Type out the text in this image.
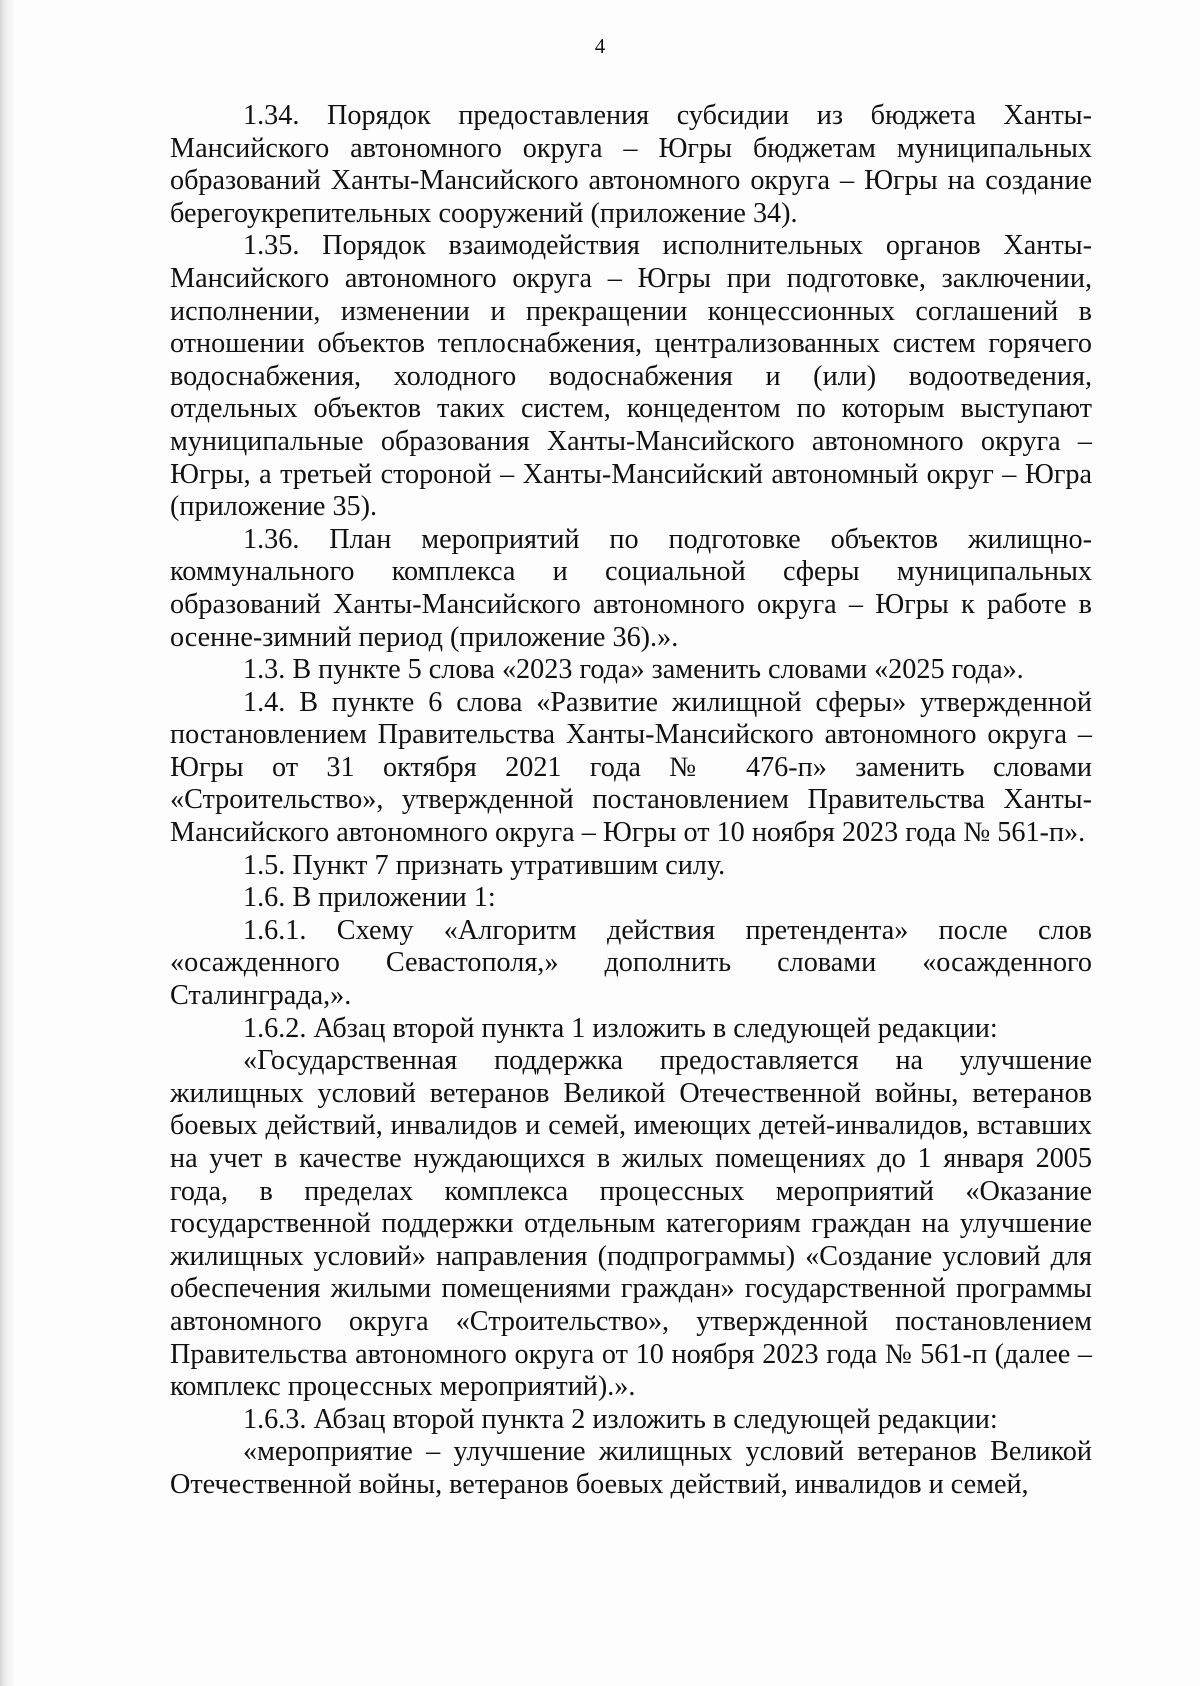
4

1.34. Порядок предоставления субсидии из бюджета Ханты-Мансийского автономного округа – Югры бюджетам муниципальных образований Ханты-Мансийского автономного округа – Югры на создание берегоукрепительных сооружений (приложение 34).

1.35. Порядок взаимодействия исполнительных органов Ханты-Мансийского автономного округа – Югры при подготовке, заключении, исполнении, изменении и прекращении концессионных соглашений в отношении объектов теплоснабжения, централизованных систем горячего водоснабжения, холодного водоснабжения и (или) водоотведения, отдельных объектов таких систем, концедентом по которым выступают муниципальные образования Ханты-Мансийского автономного округа – Югры, а третьей стороной – Ханты-Мансийский автономный округ – Югра (приложение 35).

1.36. План мероприятий по подготовке объектов жилищно-коммунального комплекса и социальной сферы муниципальных образований Ханты-Мансийского автономного округа – Югры к работе в осенне-зимний период (приложение 36).».

1.3. В пункте 5 слова «2023 года» заменить словами «2025 года».

1.4. В пункте 6 слова «Развитие жилищной сферы» утвержденной постановлением Правительства Ханты-Мансийского автономного округа – Югры от 31 октября 2021 года № 476-п» заменить словами «Строительство», утвержденной постановлением Правительства Ханты-Мансийского автономного округа – Югры от 10 ноября 2023 года № 561-п».

1.5. Пункт 7 признать утратившим силу.

1.6. В приложении 1:

1.6.1. Схему «Алгоритм действия претендента» после слов «осажденного Севастополя,» дополнить словами «осажденного Сталинграда,».

1.6.2. Абзац второй пункта 1 изложить в следующей редакции:

«Государственная поддержка предоставляется на улучшение жилищных условий ветеранов Великой Отечественной войны, ветеранов боевых действий, инвалидов и семей, имеющих детей-инвалидов, вставших на учет в качестве нуждающихся в жилых помещениях до 1 января 2005 года, в пределах комплекса процессных мероприятий «Оказание государственной поддержки отдельным категориям граждан на улучшение жилищных условий» направления (подпрограммы) «Создание условий для обеспечения жилыми помещениями граждан» государственной программы автономного округа «Строительство», утвержденной постановлением Правительства автономного округа от 10 ноября 2023 года № 561-п (далее – комплекс процессных мероприятий).».

1.6.3. Абзац второй пункта 2 изложить в следующей редакции:

«мероприятие – улучшение жилищных условий ветеранов Великой Отечественной войны, ветеранов боевых действий, инвалидов и семей,
